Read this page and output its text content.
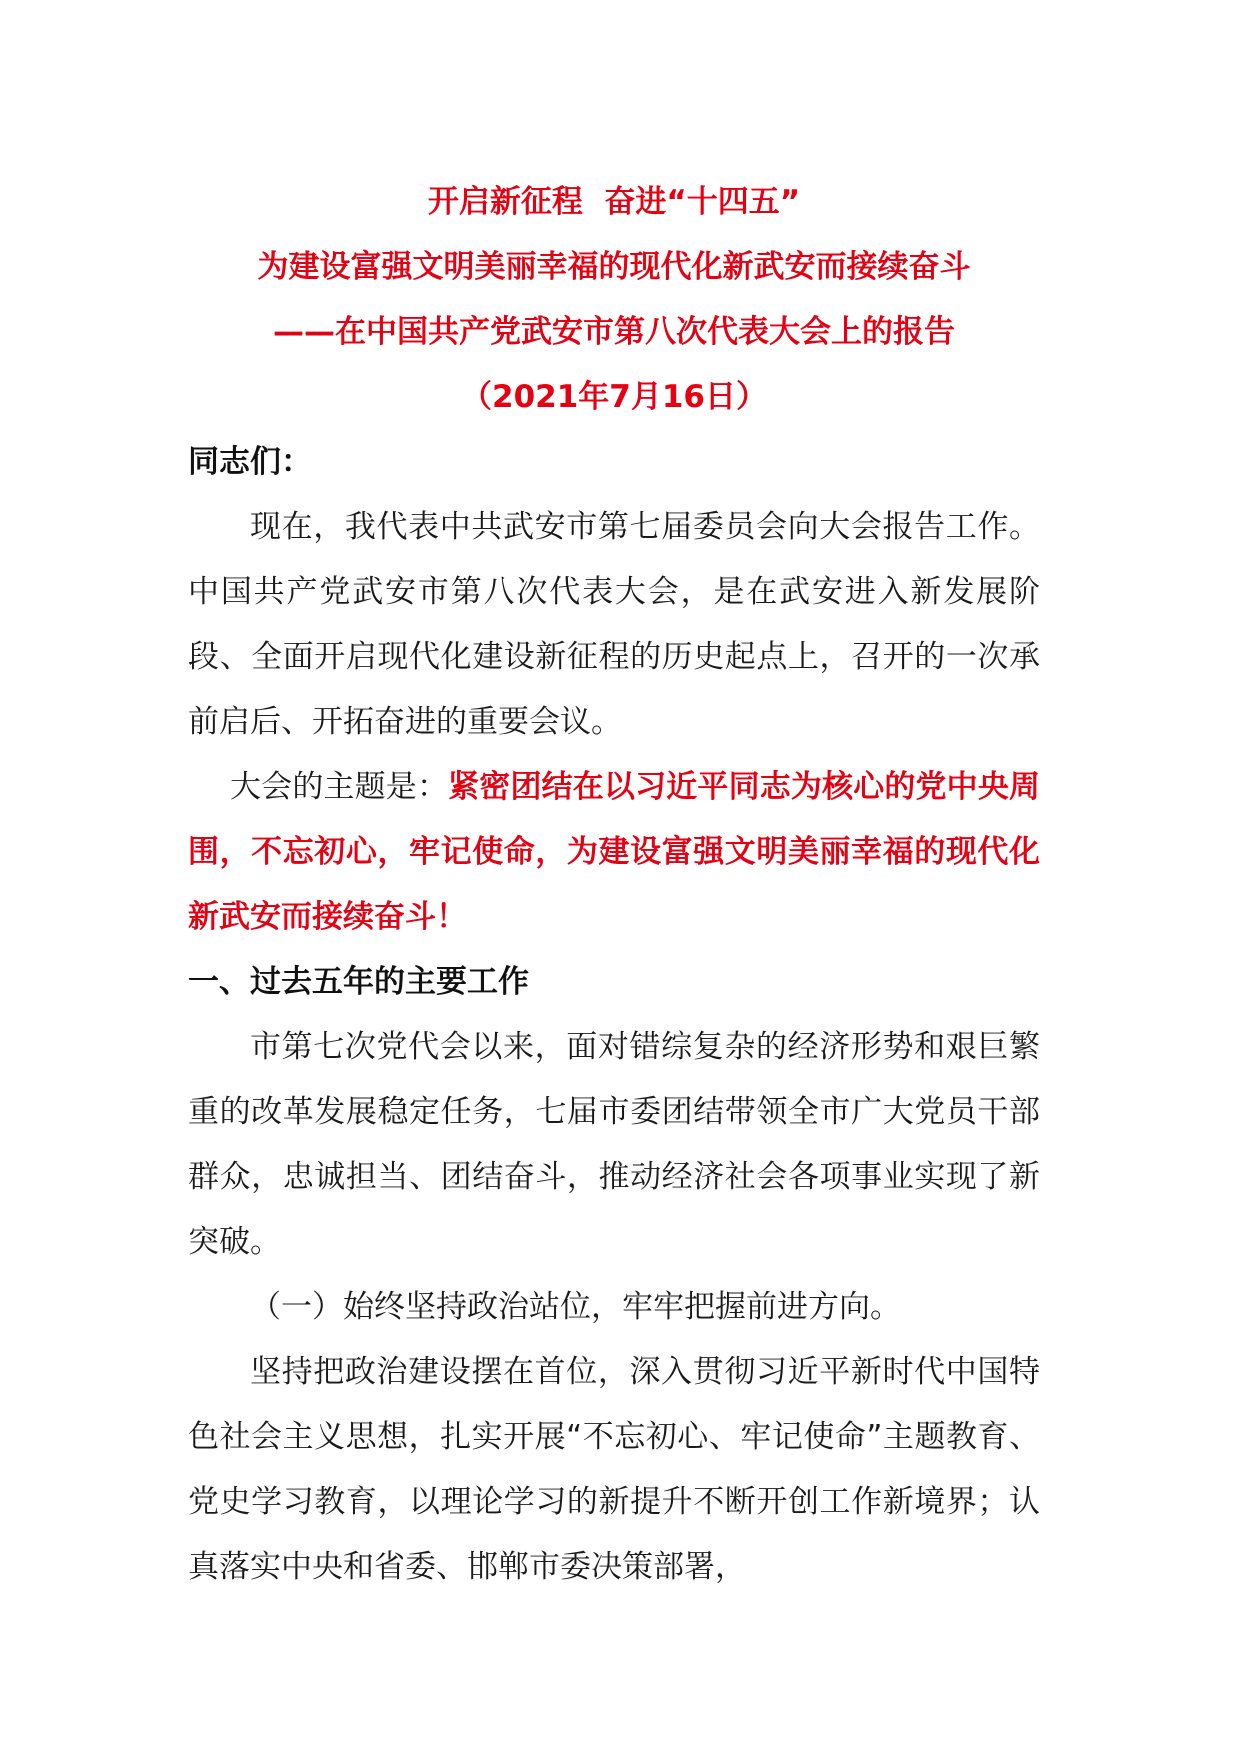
开启新征程  奋进“十四五”

为建设富强文明美丽幸福的现代化新武安而接续奋斗

——在中国共产党武安市第八次代表大会上的报告

（2021年7月16日）

同志们：

现在，我代表中共武安市第七届委员会向大会报告工作。中国共产党武安市第八次代表大会，是在武安进入新发展阶段、全面开启现代化建设新征程的历史起点上，召开的一次承前启后、开拓奋进的重要会议。

大会的主题是：紧密团结在以习近平同志为核心的党中央周围，不忘初心，牢记使命，为建设富强文明美丽幸福的现代化新武安而接续奋斗！

一、过去五年的主要工作

市第七次党代会以来，面对错综复杂的经济形势和艰巨繁重的改革发展稳定任务，七届市委团结带领全市广大党员干部群众，忠诚担当、团结奋斗，推动经济社会各项事业实现了新突破。

（一）始终坚持政治站位，牢牢把握前进方向。

坚持把政治建设摆在首位，深入贯彻习近平新时代中国特色社会主义思想，扎实开展“不忘初心、牢记使命”主题教育、党史学习教育，以理论学习的新提升不断开创工作新境界；认真落实中央和省委、邯郸市委决策部署，
